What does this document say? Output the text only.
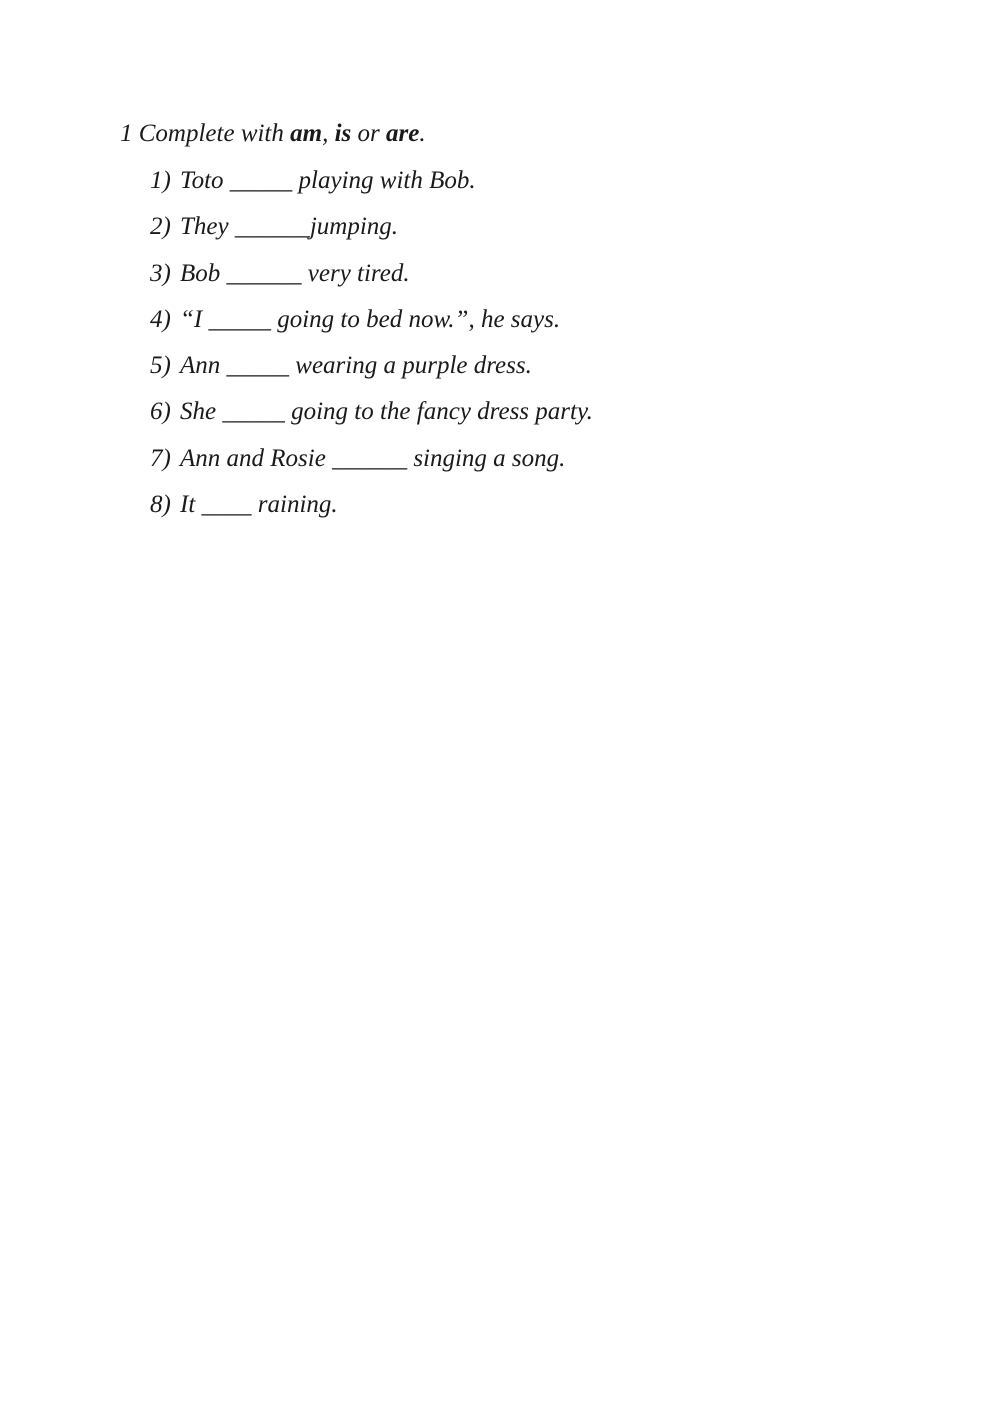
1 Complete with am, is or are.
1) Toto _____ playing with Bob.
2) They ______jumping.
3) Bob ______ very tired.
4) “I _____ going to bed now.”, he says.
5) Ann _____ wearing a purple dress.
6) She _____ going to the fancy dress party.
7) Ann and Rosie ______ singing a song.
8) It ____ raining.
